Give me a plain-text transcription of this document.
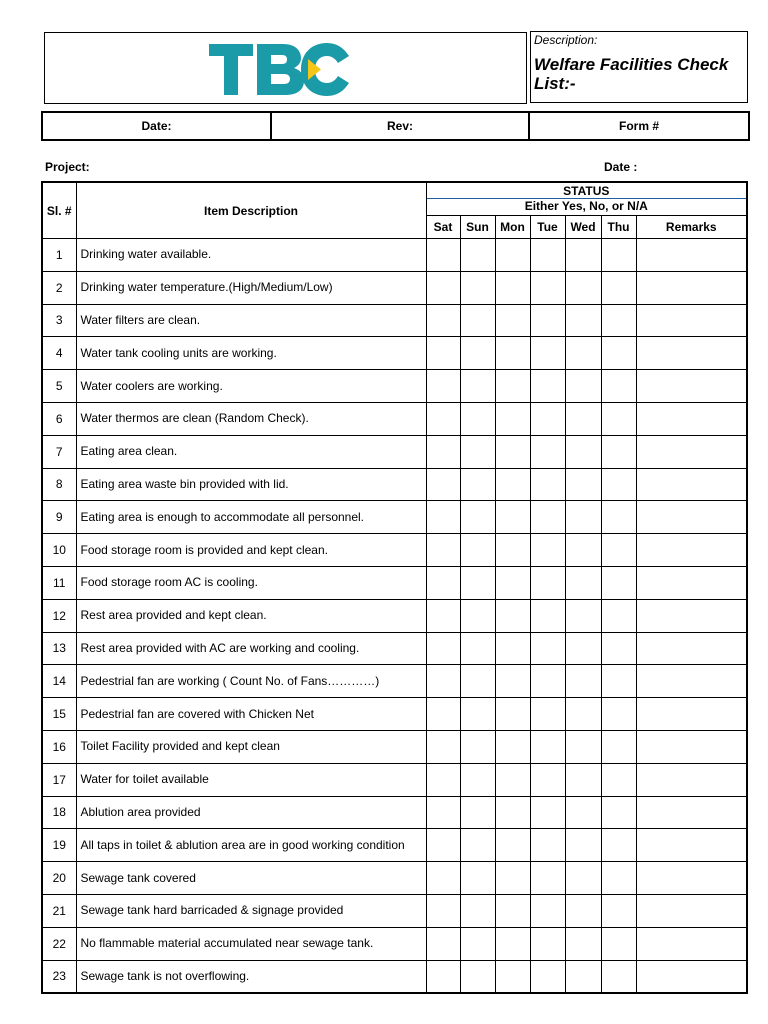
Description:
Welfare Facilities Check List:-

Date:	Rev:	Form #
Project:	Date :
Sl. #	Item Description	STATUS						
		Either Yes, No, or N/A						
		Sat	Sun	Mon	Tue	Wed	Thu	Remarks
1	Drinking water available.							
2	Drinking water temperature.(High/Medium/Low)							
3	Water filters are clean.							
4	Water tank cooling units are working.							
5	Water coolers are working.							
6	Water thermos are clean (Random Check).							
7	Eating area clean.							
8	Eating area waste bin provided with lid.							
9	Eating area is enough to accommodate all personnel.							
10	Food storage room is provided and kept clean.							
11	Food storage room AC is cooling.							
12	Rest area provided and kept clean.							
13	Rest area provided with AC are working and cooling.							
14	Pedestrial fan are working ( Count No. of Fans…………)							
15	Pedestrial fan are covered with Chicken Net							
16	Toilet Facility provided and kept clean							
17	Water for toilet available							
18	Ablution area provided							
19	All taps in toilet & ablution area are in good working condition							
20	Sewage tank covered							
21	Sewage tank hard barricaded & signage provided							
22	No flammable material accumulated near sewage tank.							
23	Sewage tank is not overflowing.							
